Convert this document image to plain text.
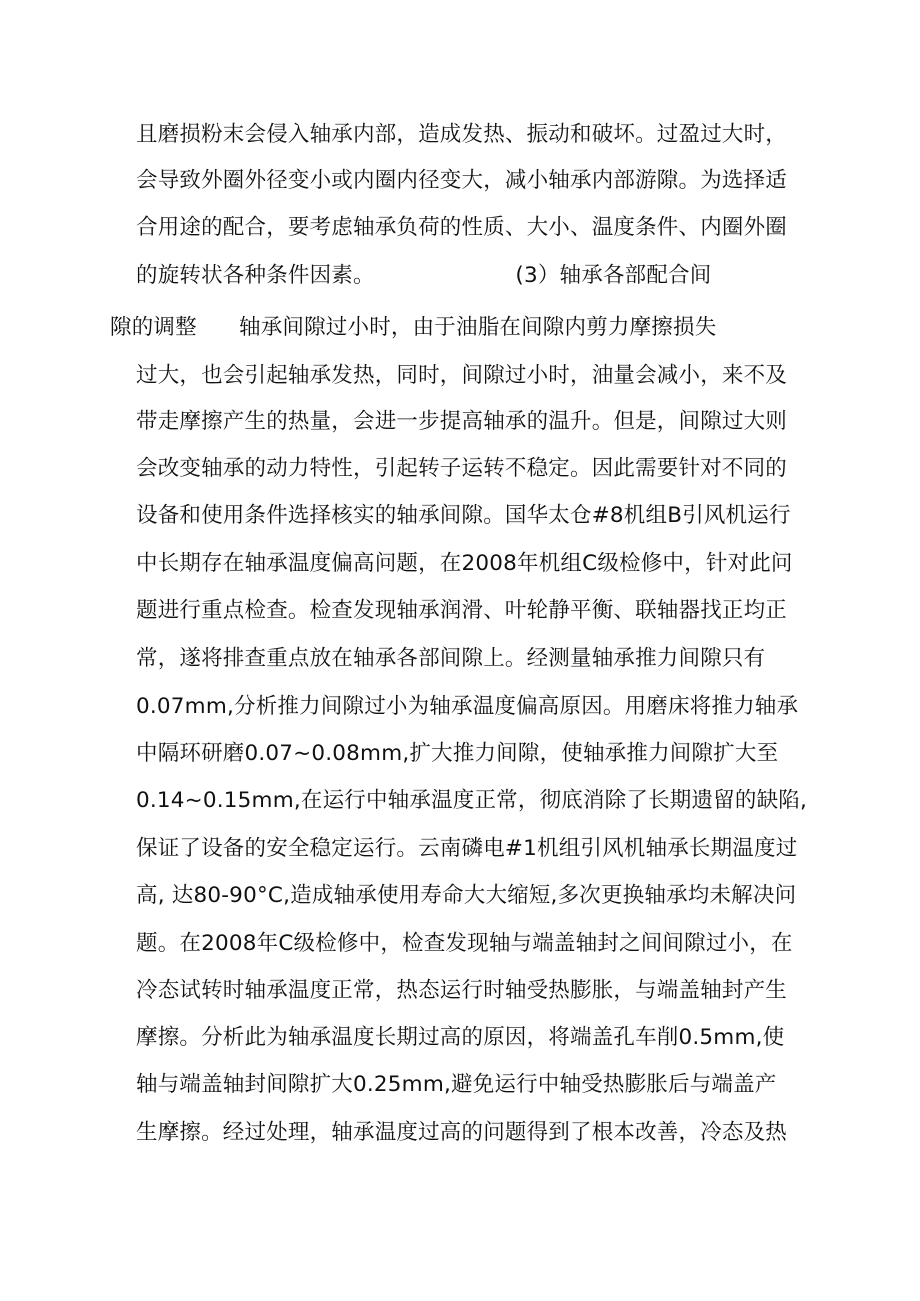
且磨损粉末会侵入轴承内部，造成发热、振动和破坏。过盈过大时，
会导致外圈外径变小或内圈内径变大，减小轴承内部游隙。为选择适
合用途的配合，要考虑轴承负荷的性质、大小、温度条件、内圈外圈
的旋转状各种条件因素。                    (3）轴承各部配合间
隙的调整      轴承间隙过小时，由于油脂在间隙内剪力摩擦损失
过大，也会引起轴承发热，同时，间隙过小时，油量会减小，来不及
带走摩擦产生的热量，会进一步提高轴承的温升。但是，间隙过大则
会改变轴承的动力特性，引起转子运转不稳定。因此需要针对不同的
设备和使用条件选择核实的轴承间隙。国华太仓#8机组B引风机运行
中长期存在轴承温度偏高问题，在2008年机组C级检修中，针对此问
题进行重点检查。检查发现轴承润滑、叶轮静平衡、联轴器找正均正
常，遂将排查重点放在轴承各部间隙上。经测量轴承推力间隙只有
0.07mm,分析推力间隙过小为轴承温度偏高原因。用磨床将推力轴承
中隔环研磨0.07~0.08mm,扩大推力间隙，使轴承推力间隙扩大至
0.14~0.15mm,在运行中轴承温度正常，彻底消除了长期遗留的缺陷,
保证了设备的安全稳定运行。云南磷电#1机组引风机轴承长期温度过
高, 达80-90°C,造成轴承使用寿命大大缩短,多次更换轴承均未解决问
题。在2008年C级检修中，检查发现轴与端盖轴封之间间隙过小，在
冷态试转时轴承温度正常，热态运行时轴受热膨胀，与端盖轴封产生
摩擦。分析此为轴承温度长期过高的原因，将端盖孔车削0.5mm,使
轴与端盖轴封间隙扩大0.25mm,避免运行中轴受热膨胀后与端盖产
生摩擦。经过处理，轴承温度过高的问题得到了根本改善，冷态及热
